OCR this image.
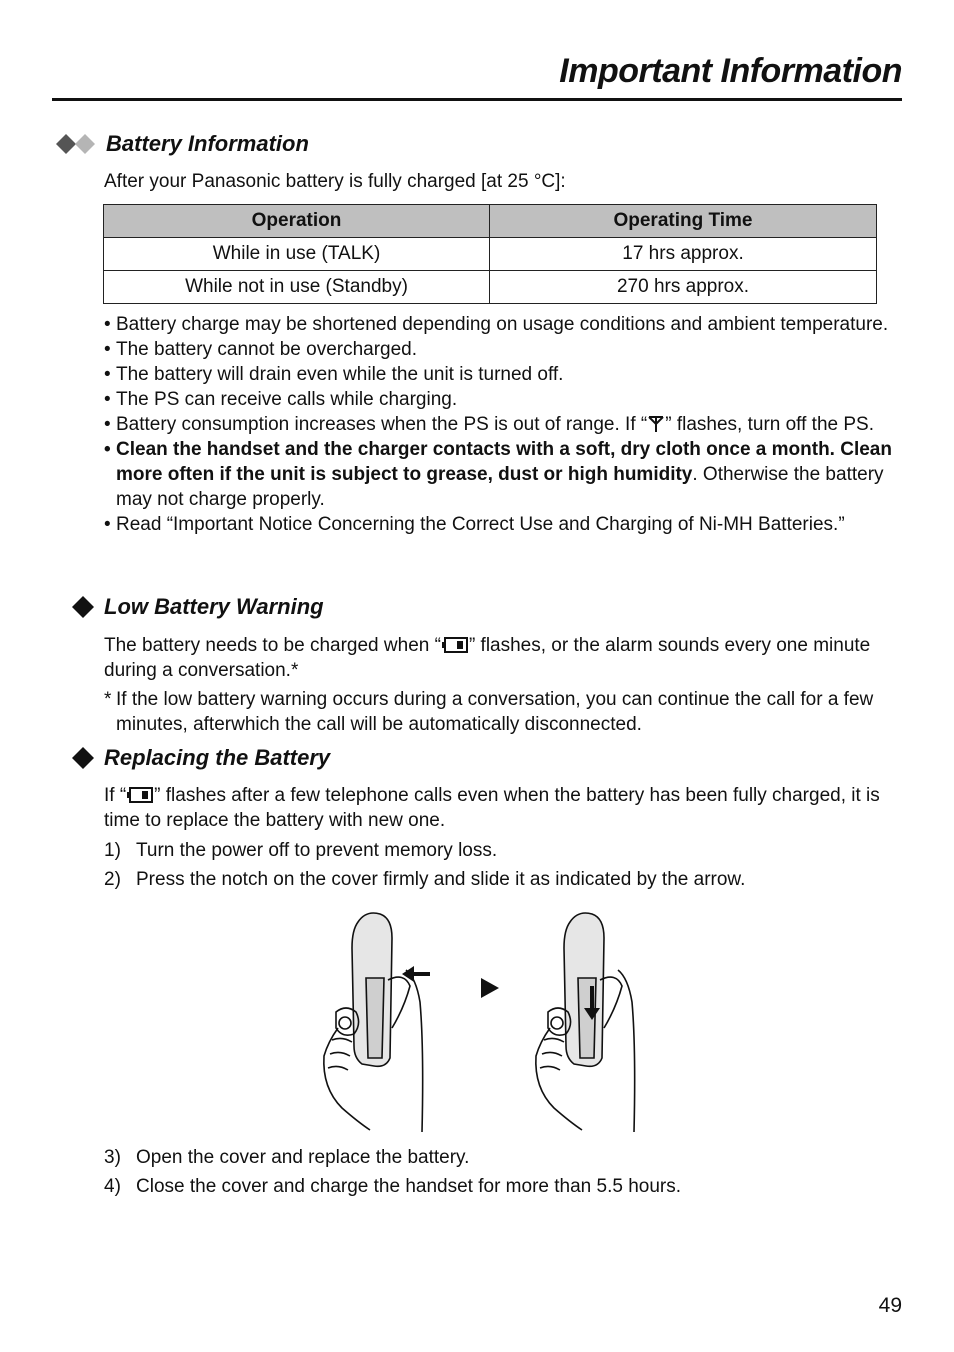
Important Information
Battery Information
After your Panasonic battery is fully charged [at 25 °C]:
Operation	Operating Time
While in use (TALK)	17 hrs approx.
While not in use (Standby)	270 hrs approx.
• Battery charge may be shortened depending on usage conditions and ambient temperature.
• The battery cannot be overcharged.
• The battery will drain even while the unit is turned off.
• The PS can receive calls while charging.
• Battery consumption increases when the PS is out of range. If “ ” flashes, turn off the PS.
• Clean the handset and the charger contacts with a soft, dry cloth once a month. Clean more often if the unit is subject to grease, dust or high humidity. Otherwise the battery may not charge properly.
• Read “Important Notice Concerning the Correct Use and Charging of Ni-MH Batteries.”
Low Battery Warning
The battery needs to be charged when “ ” flashes, or the alarm sounds every one minute during a conversation.*
* If the low battery warning occurs during a conversation, you can continue the call for a few minutes, afterwhich the call will be automatically disconnected.
Replacing the Battery
If “ ” flashes after a few telephone calls even when the battery has been fully charged, it is time to replace the battery with new one.
1) Turn the power off to prevent memory loss.
2) Press the notch on the cover firmly and slide it as indicated by the arrow.
3) Open the cover and replace the battery.
4) Close the cover and charge the handset for more than 5.5 hours.
49
